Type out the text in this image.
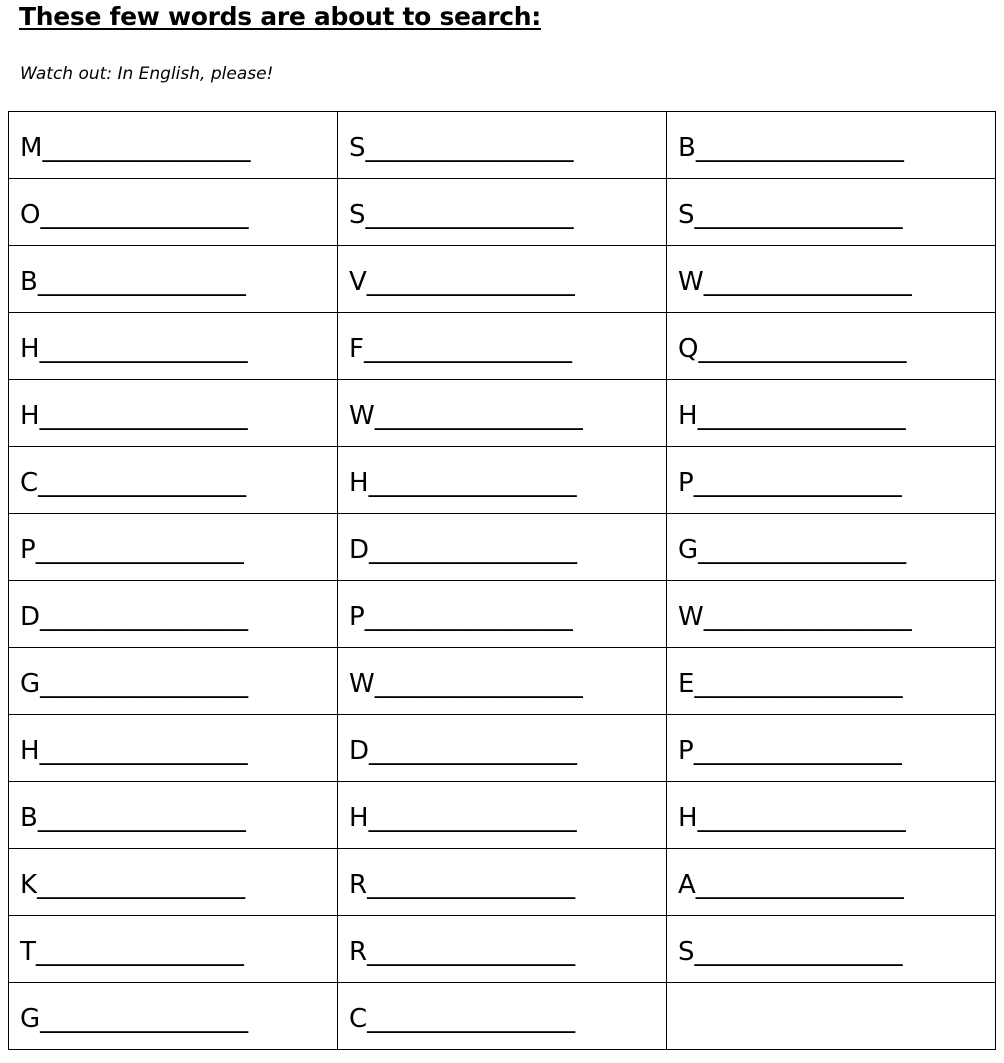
These few words are about to search:

Watch out: In English, please!

M________________	S________________	B________________
O________________	S________________	S________________
B________________	V________________	W________________
H________________	F________________	Q________________
H________________	W________________	H________________
C________________	H________________	P________________
P________________	D________________	G________________
D________________	P________________	W________________
G________________	W________________	E________________
H________________	D________________	P________________
B________________	H________________	H________________
K________________	R________________	A________________
T________________	R________________	S________________
G________________	C________________	
